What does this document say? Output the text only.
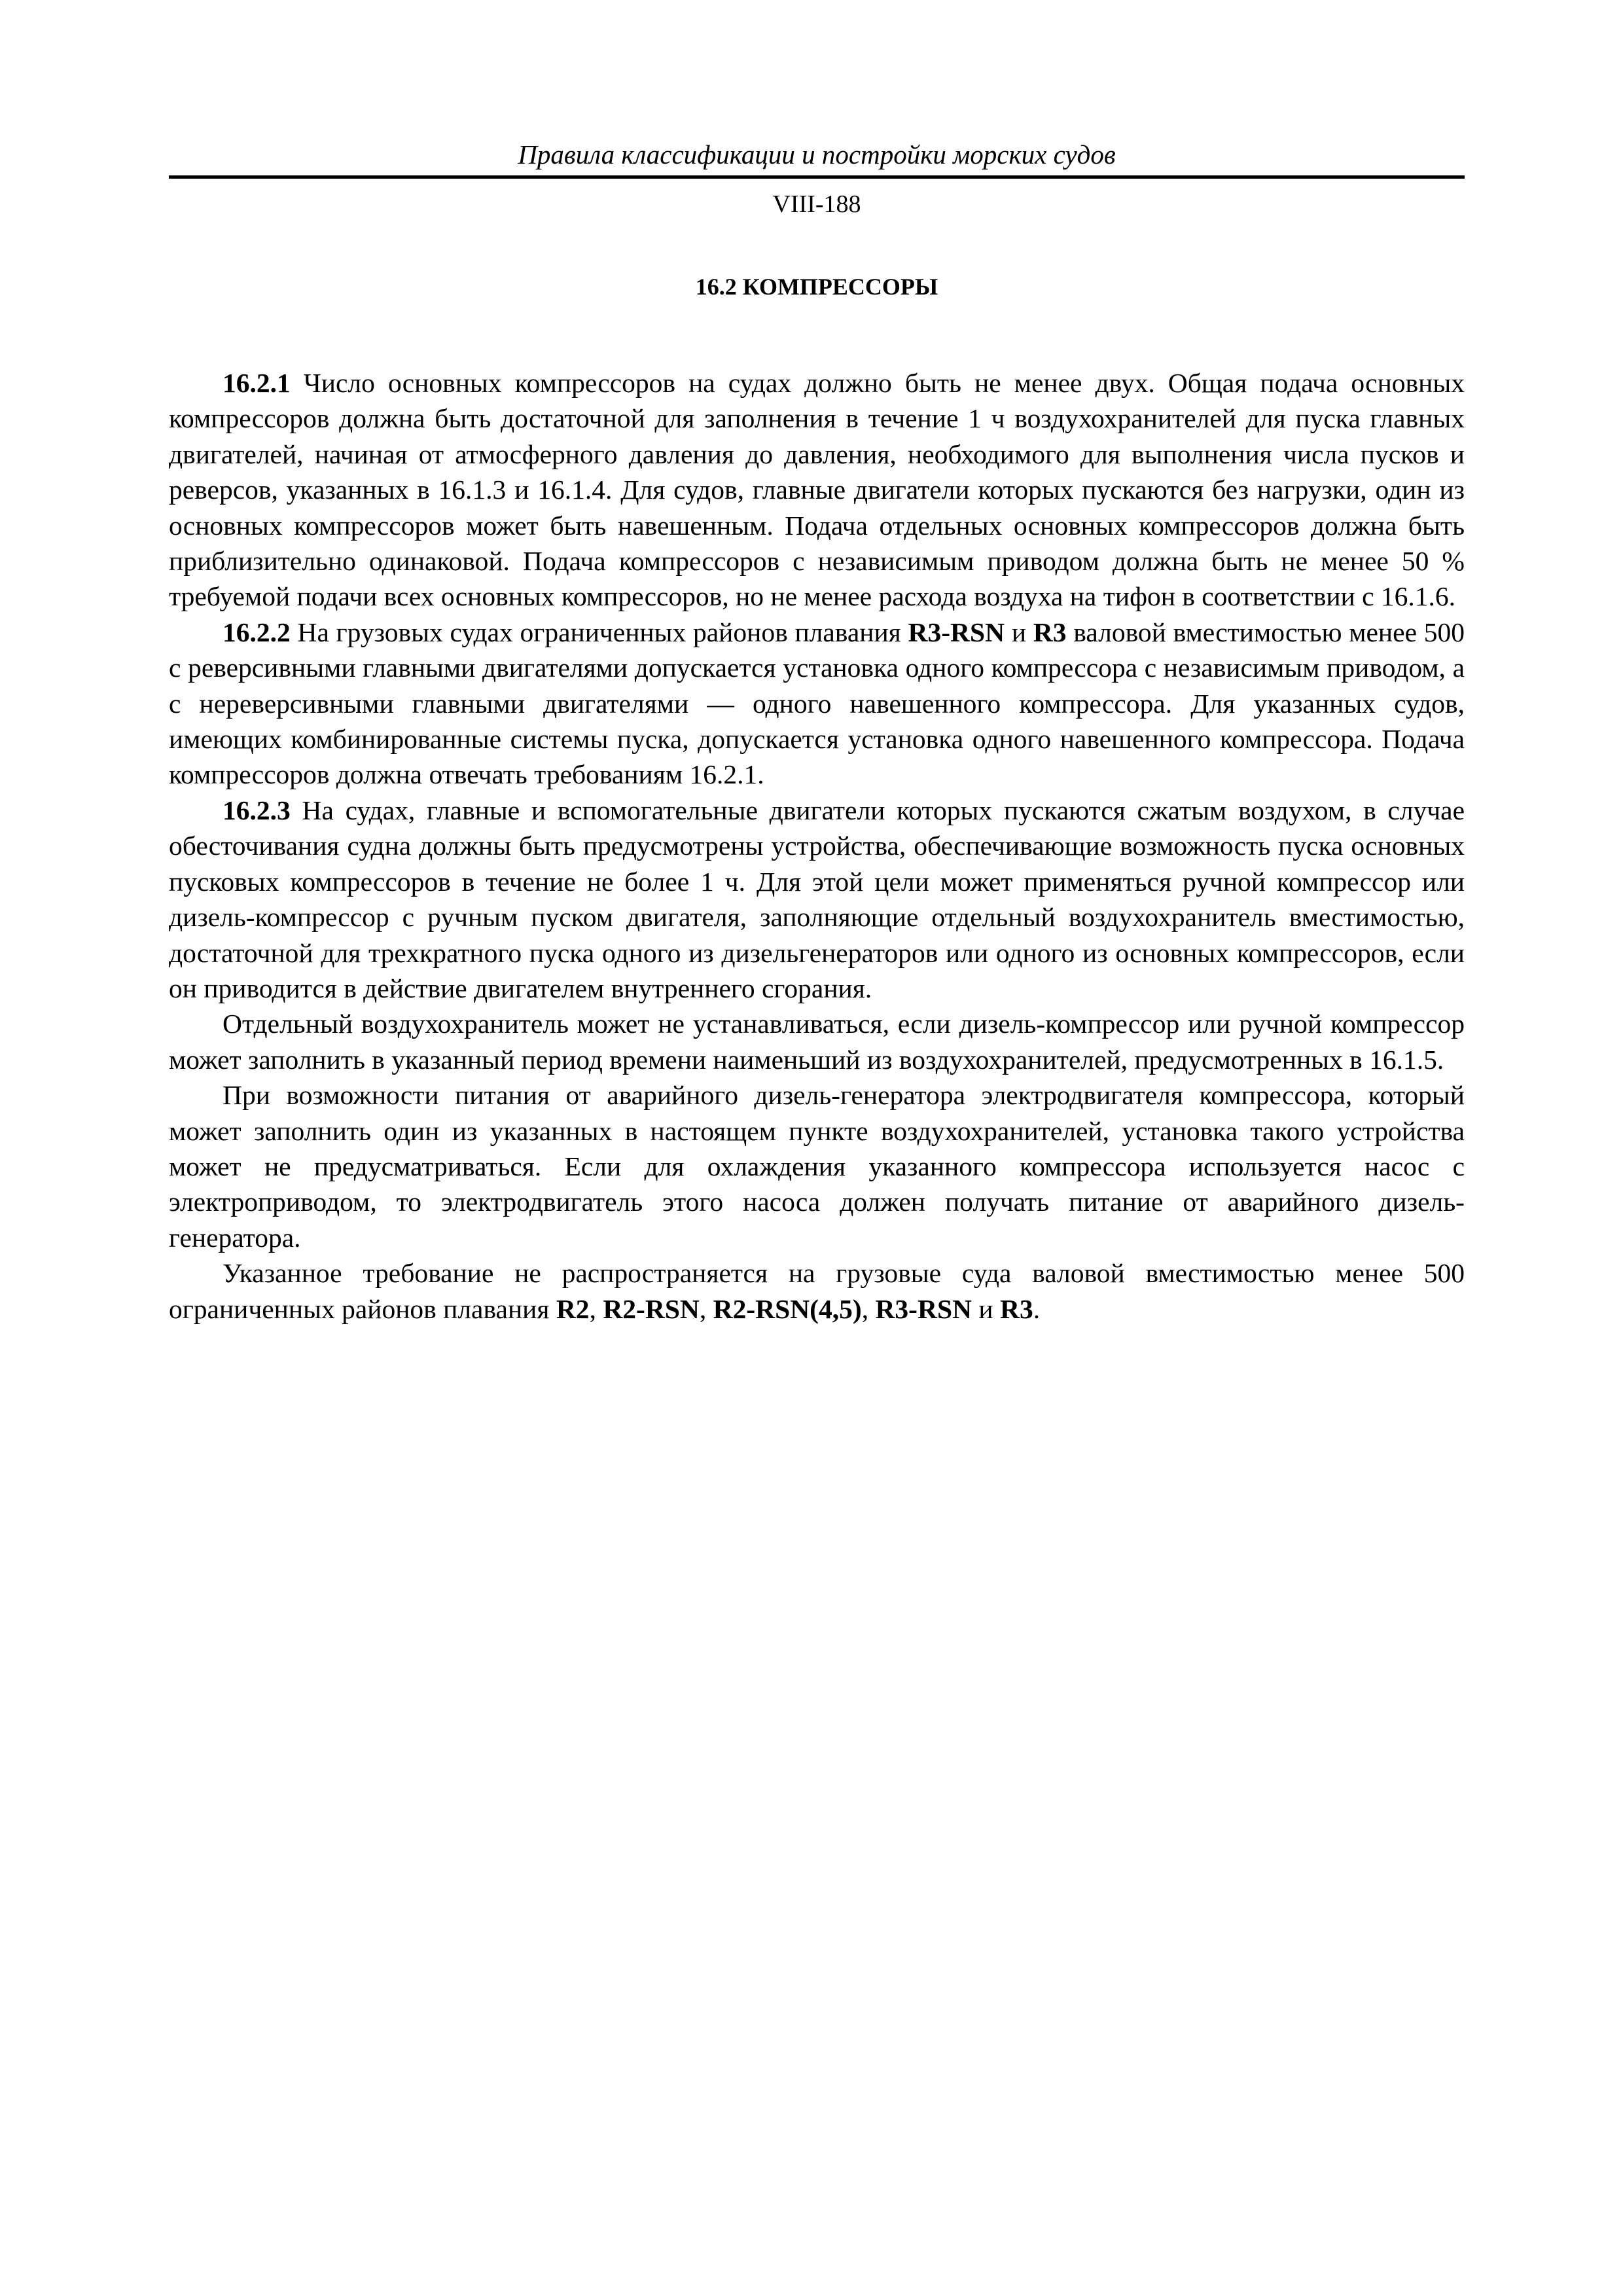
Правила классификации и постройки морских судов
VIII-188
16.2 КОМПРЕССОРЫ

16.2.1 Число основных компрессоров на судах должно быть не менее двух. Общая подача основных компрессоров должна быть достаточной для заполнения в течение 1 ч воздухохранителей для пуска главных двигателей, начиная от атмосферного давления до давления, необходимого для выполнения числа пусков и реверсов, указанных в 16.1.3 и 16.1.4. Для судов, главные двигатели которых пускаются без нагрузки, один из основных компрессоров может быть навешенным. Подача отдельных основных компрессоров должна быть приблизительно одинаковой. Подача компрессоров с независимым приводом должна быть не менее 50 % требуемой подачи всех основных компрессоров, но не менее расхода воздуха на тифон в соответствии с 16.1.6.

16.2.2 На грузовых судах ограниченных районов плавания R3-RSN и R3 валовой вместимостью менее 500 с реверсивными главными двигателями допускается установка одного компрессора с независимым приводом, а с нереверсивными главными двигателями — одного навешенного компрессора. Для указанных судов, имеющих комбинированные системы пуска, допускается установка одного навешенного компрессора. Подача компрессоров должна отвечать требованиям 16.2.1.

16.2.3 На судах, главные и вспомогательные двигатели которых пускаются сжатым воздухом, в случае обесточивания судна должны быть предусмотрены устройства, обеспечивающие возможность пуска основных пусковых компрессоров в течение не более 1 ч. Для этой цели может применяться ручной компрессор или дизель-компрессор с ручным пуском двигателя, заполняющие отдельный воздухохранитель вместимостью, достаточной для трехкратного пуска одного из дизельгенераторов или одного из основных компрессоров, если он приводится в действие двигателем внутреннего сгорания.

Отдельный воздухохранитель может не устанавливаться, если дизель-компрессор или ручной компрессор может заполнить в указанный период времени наименьший из воздухохранителей, предусмотренных в 16.1.5.

При возможности питания от аварийного дизель-генератора электродвигателя компрессора, который может заполнить один из указанных в настоящем пункте воздухохранителей, установка такого устройства может не предусматриваться. Если для охлаждения указанного компрессора используется насос с электроприводом, то электродвигатель этого насоса должен получать питание от аварийного дизель-генератора.

Указанное требование не распространяется на грузовые суда валовой вместимостью менее 500 ограниченных районов плавания R2, R2-RSN, R2-RSN(4,5), R3-RSN и R3.
